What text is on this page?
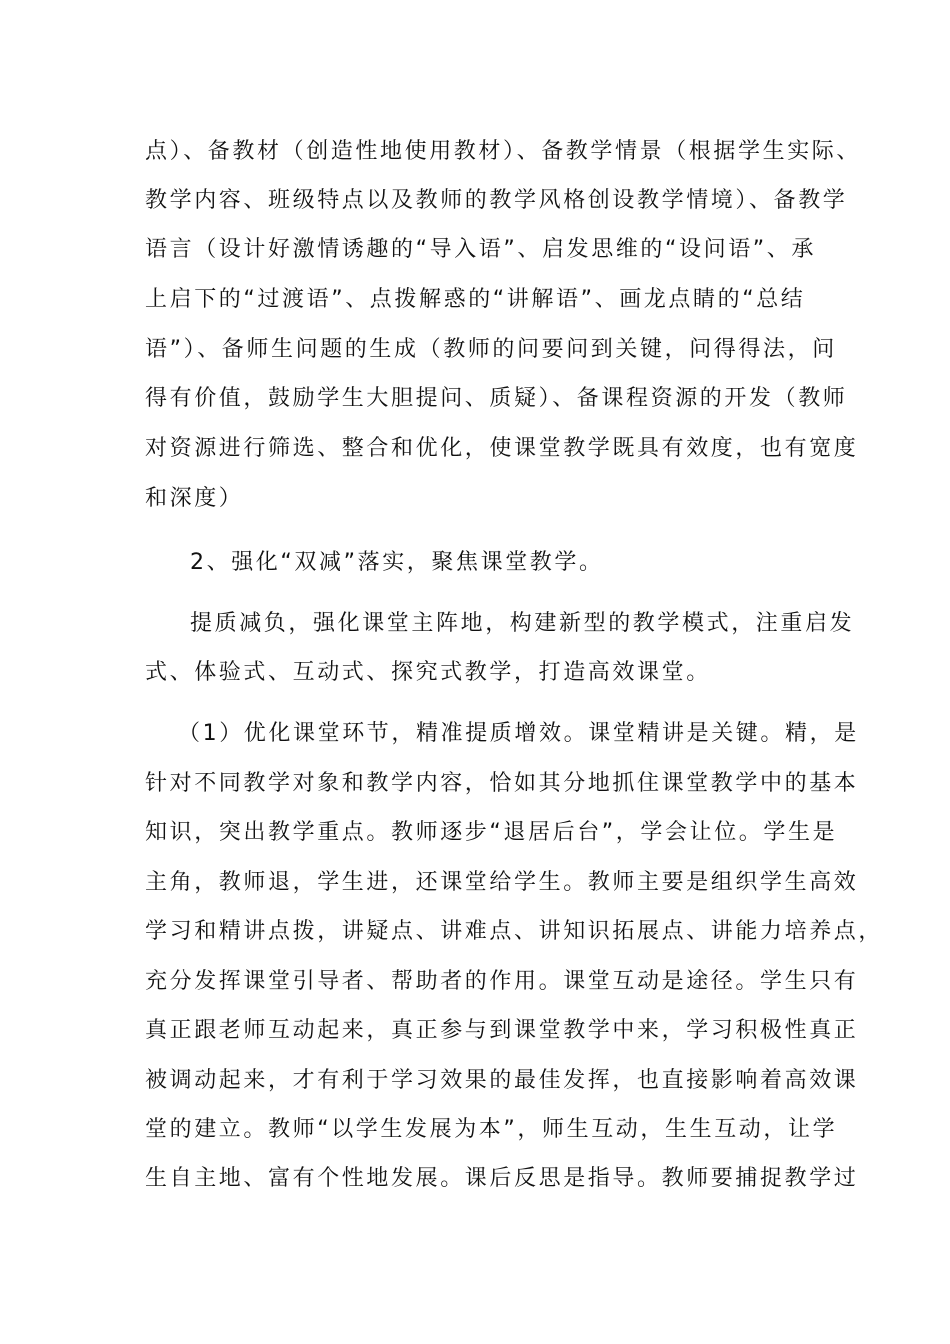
点）、备教材（创造性地使用教材）、备教学情景（根据学生实际、
教学内容、班级特点以及教师的教学风格创设教学情境）、备教学
语言（设计好激情诱趣的“导入语”、启发思维的“设问语”、承
上启下的“过渡语”、点拨解惑的“讲解语”、画龙点睛的“总结
语”）、备师生问题的生成（教师的问要问到关键，问得得法，问
得有价值，鼓励学生大胆提问、质疑）、备课程资源的开发（教师
对资源进行筛选、整合和优化，使课堂教学既具有效度，也有宽度
和深度）
2、强化“双减”落实，聚焦课堂教学。
提质减负，强化课堂主阵地，构建新型的教学模式，注重启发
式、体验式、互动式、探究式教学，打造高效课堂。
（1）优化课堂环节，精准提质增效。课堂精讲是关键。精，是
针对不同教学对象和教学内容，恰如其分地抓住课堂教学中的基本
知识，突出教学重点。教师逐步“退居后台”，学会让位。学生是
主角，教师退，学生进，还课堂给学生。教师主要是组织学生高效
学习和精讲点拨，讲疑点、讲难点、讲知识拓展点、讲能力培养点，
充分发挥课堂引导者、帮助者的作用。课堂互动是途径。学生只有
真正跟老师互动起来，真正参与到课堂教学中来，学习积极性真正
被调动起来，才有利于学习效果的最佳发挥，也直接影响着高效课
堂的建立。教师“以学生发展为本”，师生互动，生生互动，让学
生自主地、富有个性地发展。课后反思是指导。教师要捕捉教学过
